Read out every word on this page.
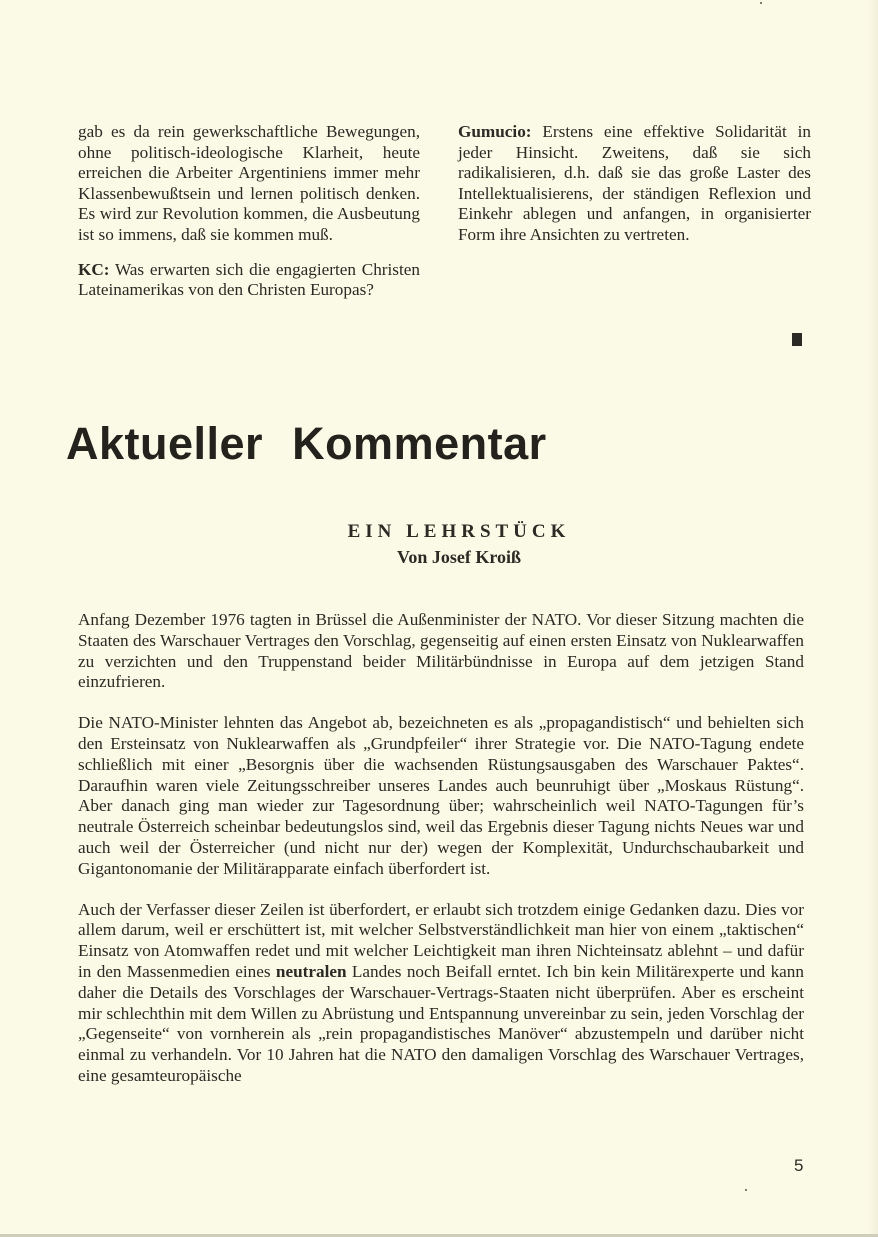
gab es da rein gewerkschaftliche Bewegungen, ohne politisch-ideologische Klarheit, heute erreichen die Arbeiter Argentiniens immer mehr Klassenbewußtsein und lernen politisch denken. Es wird zur Revolution kommen, die Ausbeutung ist so immens, daß sie kommen muß.

KC: Was erwarten sich die engagierten Christen Lateinamerikas von den Christen Europas?

Gumucio: Erstens eine effektive Solidarität in jeder Hinsicht. Zweitens, daß sie sich radikalisieren, d.h. daß sie das große Laster des Intellektualisierens, der ständigen Reflexion und Einkehr ablegen und anfangen, in organisierter Form ihre Ansichten zu vertreten.

Aktueller Kommentar
EIN LEHRSTÜCK
Von Josef Kroiß

Anfang Dezember 1976 tagten in Brüssel die Außenminister der NATO. Vor dieser Sitzung machten die Staaten des Warschauer Vertrages den Vorschlag, gegenseitig auf einen ersten Einsatz von Nuklearwaffen zu verzichten und den Truppenstand beider Militärbündnisse in Europa auf dem jetzigen Stand einzufrieren.

Die NATO-Minister lehnten das Angebot ab, bezeichneten es als „propagandistisch“ und behielten sich den Ersteinsatz von Nuklearwaffen als „Grundpfeiler“ ihrer Strategie vor. Die NATO-Tagung endete schließlich mit einer „Besorgnis über die wachsenden Rüstungsausgaben des Warschauer Paktes“. Daraufhin waren viele Zeitungsschreiber unseres Landes auch beunruhigt über „Moskaus Rüstung“. Aber danach ging man wieder zur Tagesordnung über; wahrscheinlich weil NATO-Tagungen für’s neutrale Österreich scheinbar bedeutungslos sind, weil das Ergebnis dieser Tagung nichts Neues war und auch weil der Österreicher (und nicht nur der) wegen der Komplexität, Undurchschaubarkeit und Gigantonomanie der Militärapparate einfach überfordert ist.

Auch der Verfasser dieser Zeilen ist überfordert, er erlaubt sich trotzdem einige Gedanken dazu. Dies vor allem darum, weil er erschüttert ist, mit welcher Selbstverständlichkeit man hier von einem „taktischen“ Einsatz von Atomwaffen redet und mit welcher Leichtigkeit man ihren Nichteinsatz ablehnt – und dafür in den Massenmedien eines neutralen Landes noch Beifall erntet. Ich bin kein Militärexperte und kann daher die Details des Vorschlages der Warschauer-Vertrags-Staaten nicht überprüfen. Aber es erscheint mir schlechthin mit dem Willen zu Abrüstung und Entspannung unvereinbar zu sein, jeden Vorschlag der „Gegenseite“ von vornherein als „rein propagandistisches Manöver“ abzustempeln und darüber nicht einmal zu verhandeln. Vor 10 Jahren hat die NATO den damaligen Vorschlag des Warschauer Vertrages, eine gesamteuropäische

5
